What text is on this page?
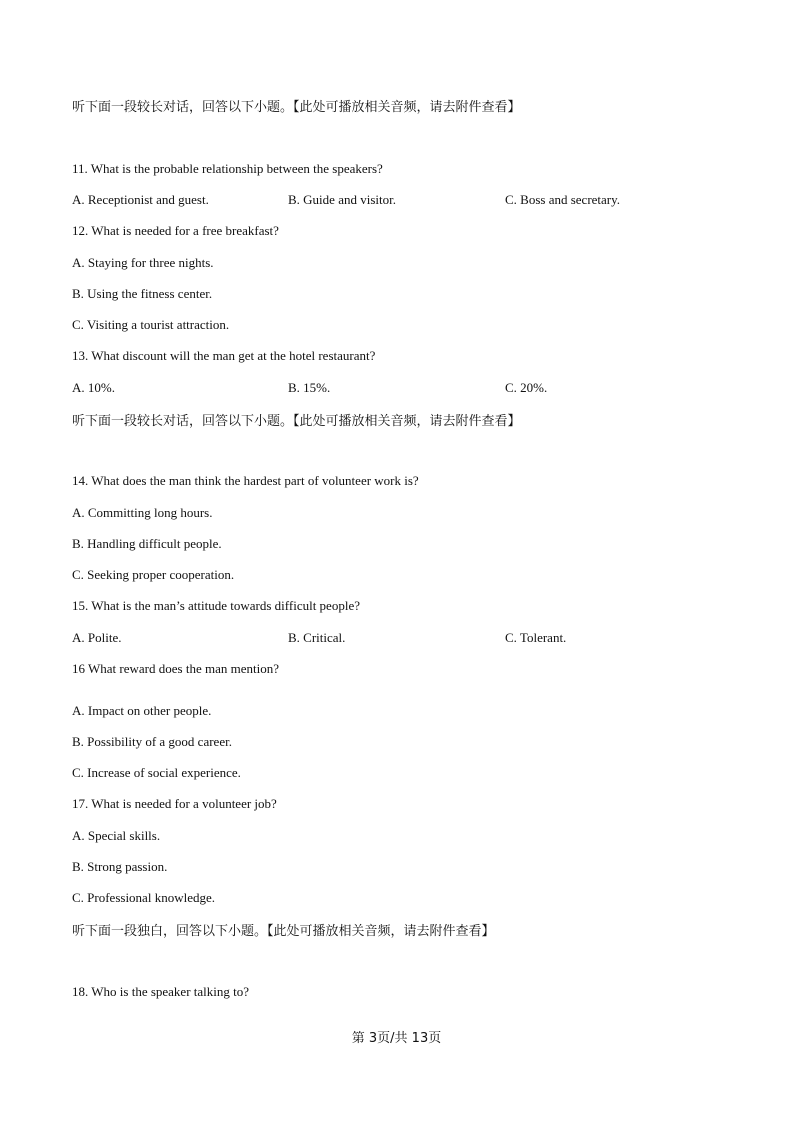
听下面一段较长对话，回答以下小题。【此处可播放相关音频，请去附件查看】
11. What is the probable relationship between the speakers?
A. Receptionist and guest.	B. Guide and visitor.	C. Boss and secretary.
12. What is needed for a free breakfast?
A. Staying for three nights.
B. Using the fitness center.
C. Visiting a tourist attraction.
13. What discount will the man get at the hotel restaurant?
A. 10%.	B. 15%.	C. 20%.
听下面一段较长对话，回答以下小题。【此处可播放相关音频，请去附件查看】
14. What does the man think the hardest part of volunteer work is?
A. Committing long hours.
B. Handling difficult people.
C. Seeking proper cooperation.
15. What is the man’s attitude towards difficult people?
A. Polite.	B. Critical.	C. Tolerant.
16 What reward does the man mention?
A. Impact on other people.
B. Possibility of a good career.
C. Increase of social experience.
17. What is needed for a volunteer job?
A. Special skills.
B. Strong passion.
C. Professional knowledge.
听下面一段独白，回答以下小题。【此处可播放相关音频，请去附件查看】
18. Who is the speaker talking to?
第 3页/共 13页
